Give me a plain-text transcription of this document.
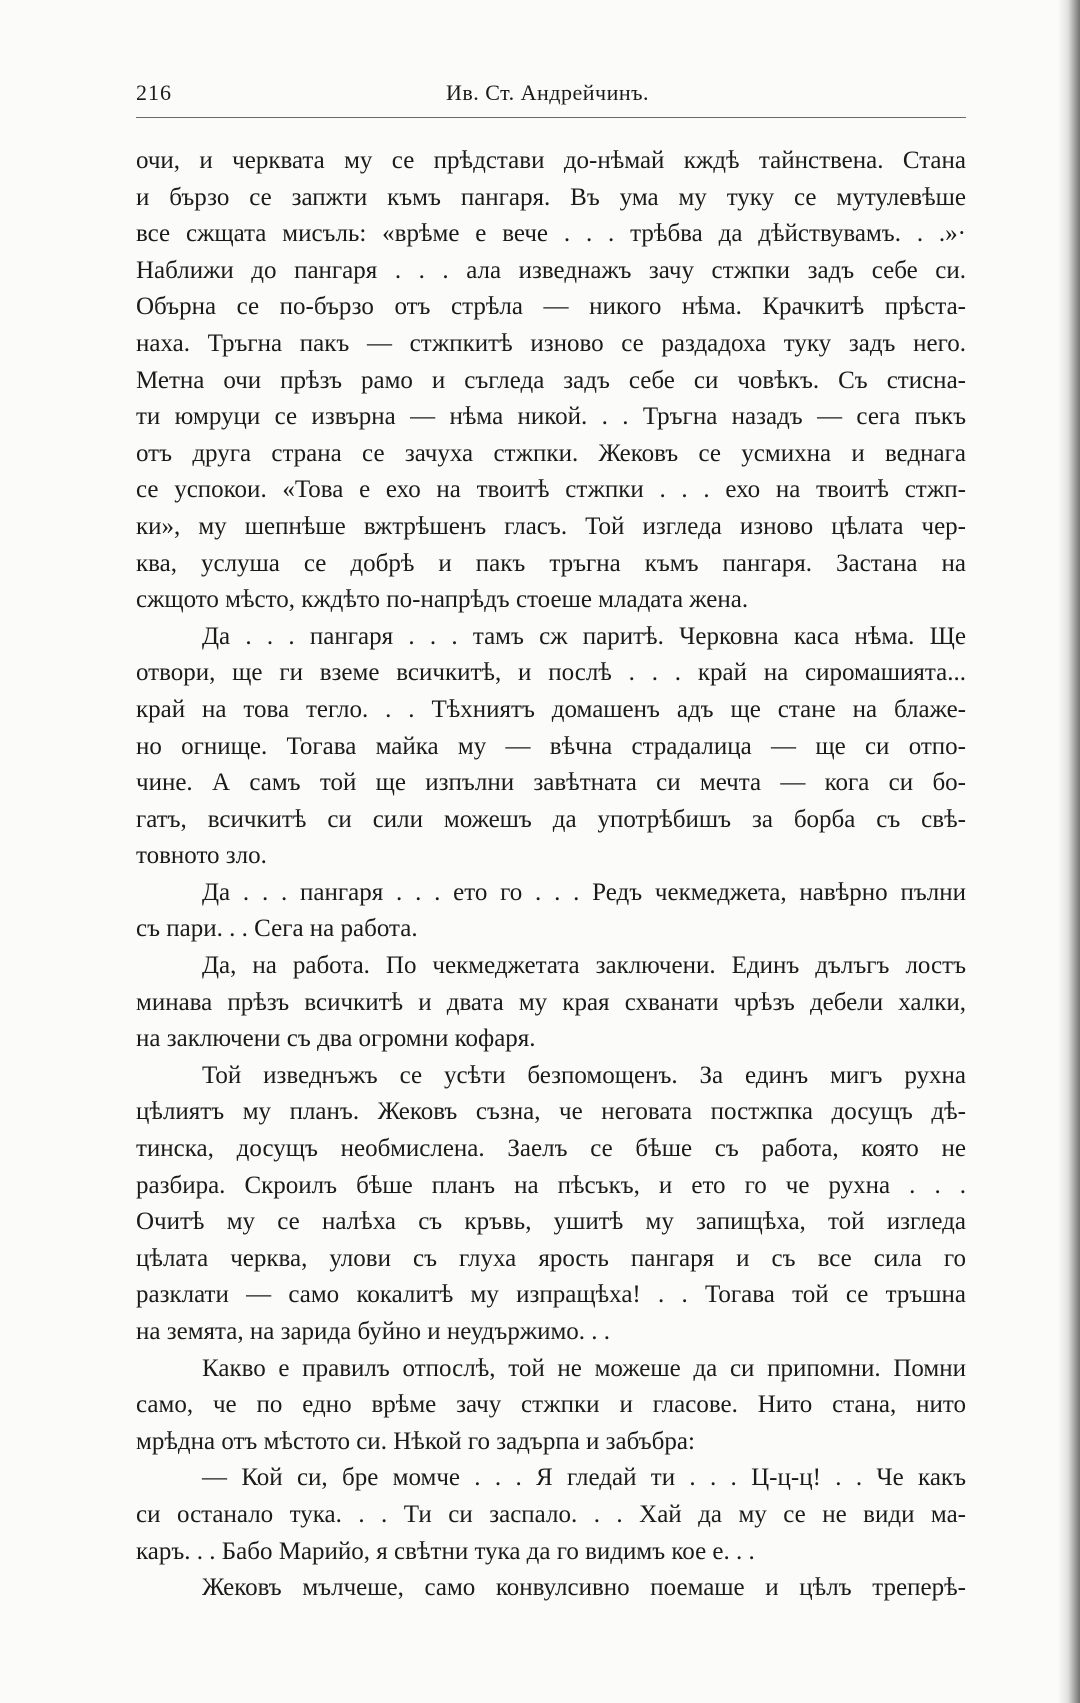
216	Ив. Ст. Андрейчинъ.
очи, и черквата му се прѣдстави до-нѣмай кждѣ тайнствена. Стана
и бързо се запжти къмъ пангаря. Въ ума му туку се мутулевѣше
все сжщата мисъль: «врѣме е вече . . . трѣбва да дѣйствувамъ. . .»·
Наближи до пангаря . . . ала изведнажъ зачу стжпки задъ себе си.
Обърна се по-бързо отъ стрѣла — никого нѣма. Крачкитѣ прѣста-
наха. Тръгна пакъ — стжпкитѣ изново се раздадоха туку задъ него.
Метна очи прѣзъ рамо и съгледа задъ себе си човѣкъ. Съ стисна-
ти юмруци се извърна — нѣма никой. . . Тръгна назадъ — сега пъкъ
отъ друга страна се зачуха стжпки. Жековъ се усмихна и веднага
се успокои. «Това е ехо на твоитѣ стжпки . . . ехо на твоитѣ стжп-
ки», му шепнѣше вжтрѣшенъ гласъ. Той изгледа изново цѣлата чер-
ква, услуша се добрѣ и пакъ тръгна къмъ пангаря. Застана на
сжщото мѣсто, кждѣто по-напрѣдъ стоеше младата жена.
Да . . . пангаря . . . тамъ сж паритѣ. Черковна каса нѣма. Ще
отвори, ще ги вземе всичкитѣ, и послѣ . . . край на сиромашията...
край на това тегло. . . Тѣхниятъ домашенъ адъ ще стане на блаже-
но огнище. Тогава майка му — вѣчна страдалица — ще си отпо-
чине. А самъ той ще изпълни завѣтната си мечта — кога си бо-
гатъ, всичкитѣ си сили можешъ да употрѣбишъ за борба съ свѣ-
товното зло.
Да . . . пангаря . . . ето го . . . Редъ чекмеджета, навѣрно пълни
съ пари. . . Сега на работа.
Да, на работа. По чекмеджетата заключени. Единъ дълъгъ лостъ
минава прѣзъ всичкитѣ и двата му края схванати чрѣзъ дебели халки,
на заключени съ два огромни кофаря.
Той изведнъжъ се усѣти безпомощенъ. За единъ мигъ рухна
цѣлиятъ му планъ. Жековъ съзна, че неговата постжпка досущъ дѣ-
тинска, досущъ необмислена. Заелъ се бѣше съ работа, която не
разбира. Скроилъ бѣше планъ на пѣсъкъ, и ето го че рухна . . .
Очитѣ му се налѣха съ кръвь, ушитѣ му запищѣха, той изгледа
цѣлата черква, улови съ глуха ярость пангаря и съ все сила го
разклати — само кокалитѣ му изпращѣха! . . Тогава той се тръшна
на земята, на зарида буйно и неудържимо. . .
Какво е правилъ отпослѣ, той не можеше да си припомни. Помни
само, че по едно врѣме зачу стжпки и гласове. Нито стана, нито
мрѣдна отъ мѣстото си. Нѣкой го задърпа и забъбра:
— Кой си, бре момче . . . Я гледай ти . . . Ц-ц-ц! . . Че какъ
си останало тука. . . Ти си заспало. . . Хай да му се не види ма-
каръ. . . Бабо Марийо, я свѣтни тука да го видимъ кое е. . .
Жековъ мълчеше, само конвулсивно поемаше и цѣлъ треперѣ-
